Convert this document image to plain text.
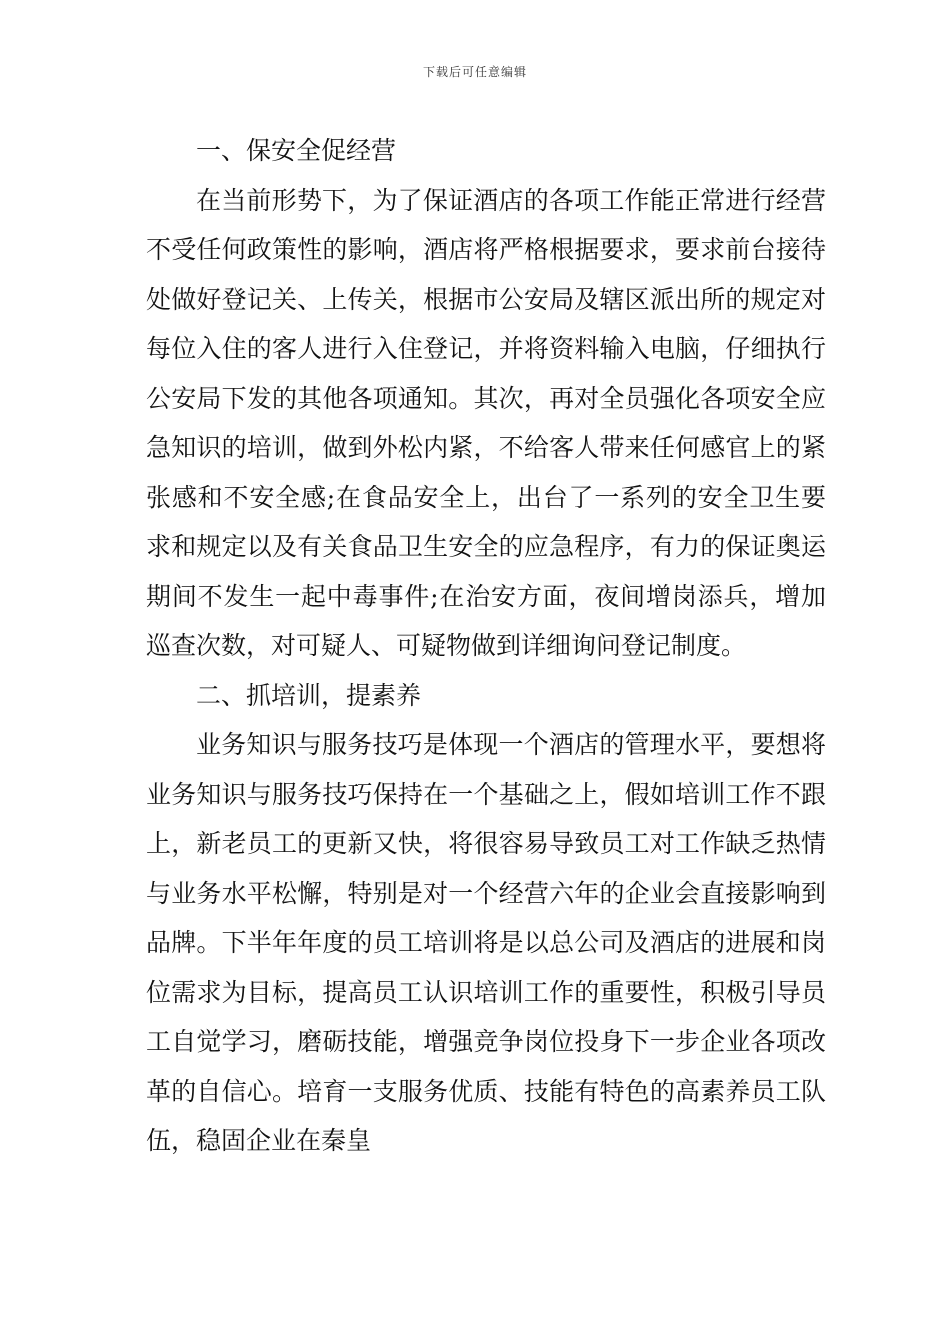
下载后可任意编辑
一、保安全促经营

在当前形势下，为了保证酒店的各项工作能正常进行经营不受任何政策性的影响，酒店将严格根据要求，要求前台接待处做好登记关、上传关，根据市公安局及辖区派出所的规定对每位入住的客人进行入住登记，并将资料输入电脑，仔细执行公安局下发的其他各项通知。其次，再对全员强化各项安全应急知识的培训，做到外松内紧，不给客人带来任何感官上的紧张感和不安全感;在食品安全上，出台了一系列的安全卫生要求和规定以及有关食品卫生安全的应急程序，有力的保证奥运期间不发生一起中毒事件;在治安方面，夜间增岗添兵，增加巡查次数，对可疑人、可疑物做到详细询问登记制度。

二、抓培训，提素养

业务知识与服务技巧是体现一个酒店的管理水平，要想将业务知识与服务技巧保持在一个基础之上，假如培训工作不跟上，新老员工的更新又快，将很容易导致员工对工作缺乏热情与业务水平松懈，特别是对一个经营六年的企业会直接影响到品牌。下半年年度的员工培训将是以总公司及酒店的进展和岗位需求为目标，提高员工认识培训工作的重要性，积极引导员工自觉学习，磨砺技能，增强竞争岗位投身下一步企业各项改革的自信心。培育一支服务优质、技能有特色的高素养员工队伍，稳固企业在秦皇
